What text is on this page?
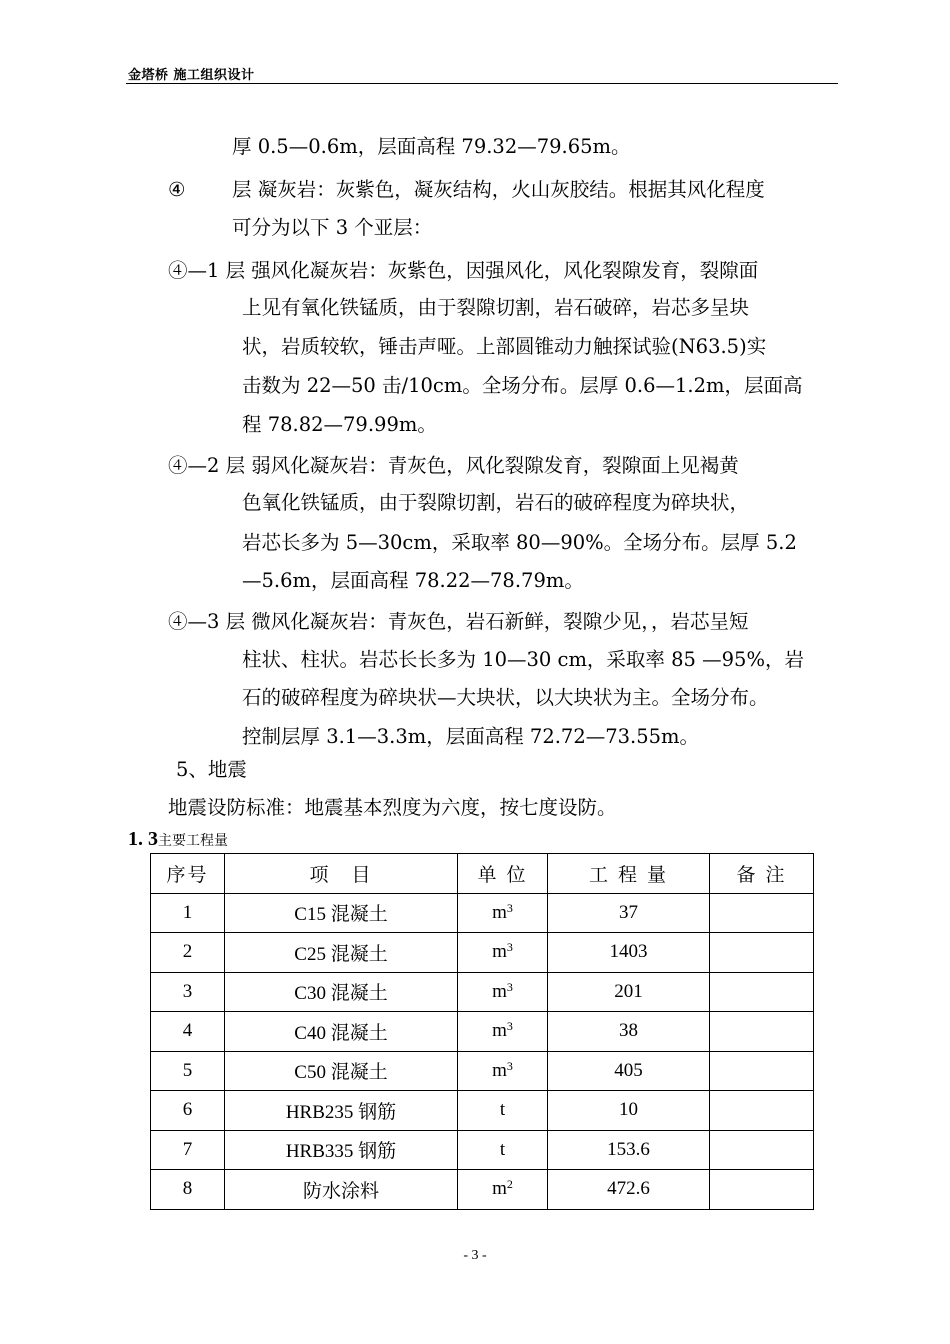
金塔桥 施工组织设计
厚 0.5—0.6m，层面高程 79.32—79.65m。
④ 层 凝灰岩：灰紫色，凝灰结构，火山灰胶结。根据其风化程度
可分为以下 3 个亚层：
④—1 层 强风化凝灰岩：灰紫色，因强风化，风化裂隙发育，裂隙面
上见有氧化铁锰质，由于裂隙切割，岩石破碎，岩芯多呈块
状，岩质较软，锤击声哑。上部圆锥动力触探试验(N63.5)实
击数为 22—50 击/10cm。全场分布。层厚 0.6—1.2m，层面高
程 78.82—79.99m。
④—2 层 弱风化凝灰岩：青灰色，风化裂隙发育，裂隙面上见褐黄
色氧化铁锰质，由于裂隙切割，岩石的破碎程度为碎块状，
岩芯长多为 5—30cm，采取率 80—90%。全场分布。层厚 5.2
—5.6m，层面高程 78.22—78.79m。
④—3 层 微风化凝灰岩：青灰色，岩石新鲜，裂隙少见，，岩芯呈短
柱状、柱状。岩芯长长多为 10—30 cm，采取率 85 —95%，岩
石的破碎程度为碎块状—大块状，以大块状为主。全场分布。
控制层厚 3.1—3.3m，层面高程 72.72—73.55m。
5、地震
地震设防标准：地震基本烈度为六度，按七度设防。
1. 3主要工程量
序号	项　目	单 位	工 程 量	备 注
1	C15 混凝土	$m^3$	37	
2	C25 混凝土	$m^3$	1403	
3	C30 混凝土	$m^3$	201	
4	C40 混凝土	$m^3$	38	
5	C50 混凝土	$m^3$	405	
6	HRB235 钢筋	t	10	
7	HRB335 钢筋	t	153.6	
8	防水涂料	$m^2$	472.6	
- 3 -
